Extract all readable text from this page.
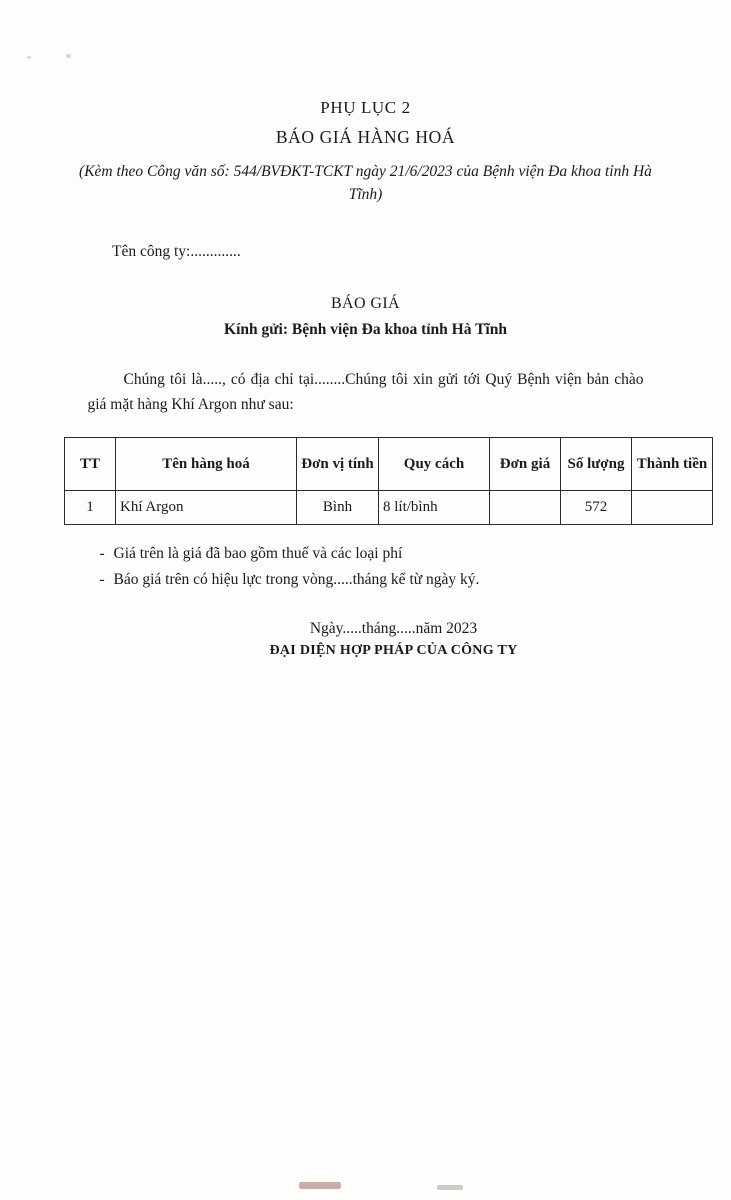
PHỤ LỤC 2
BÁO GIÁ HÀNG HOÁ
(Kèm theo Công văn số: 544/BVĐKT-TCKT ngày 21/6/2023 của Bệnh viện Đa khoa tỉnh Hà Tĩnh)
Tên công ty:.............
BÁO GIÁ
Kính gửi: Bệnh viện Đa khoa tỉnh Hà Tĩnh
Chúng tôi là....., có địa chỉ tại........Chúng tôi xin gửi tới Quý Bệnh viện bản chào giá mặt hàng Khí Argon như sau:
TT	Tên hàng hoá	Đơn vị tính	Quy cách	Đơn giá	Số lượng	Thành tiền
1	Khí Argon	Bình	8 lít/bình		572	
- Giá trên là giá đã bao gồm thuế và các loại phí
- Báo giá trên có hiệu lực trong vòng.....tháng kể từ ngày ký.
Ngày.....tháng.....năm 2023
ĐẠI DIỆN HỢP PHÁP CỦA CÔNG TY
